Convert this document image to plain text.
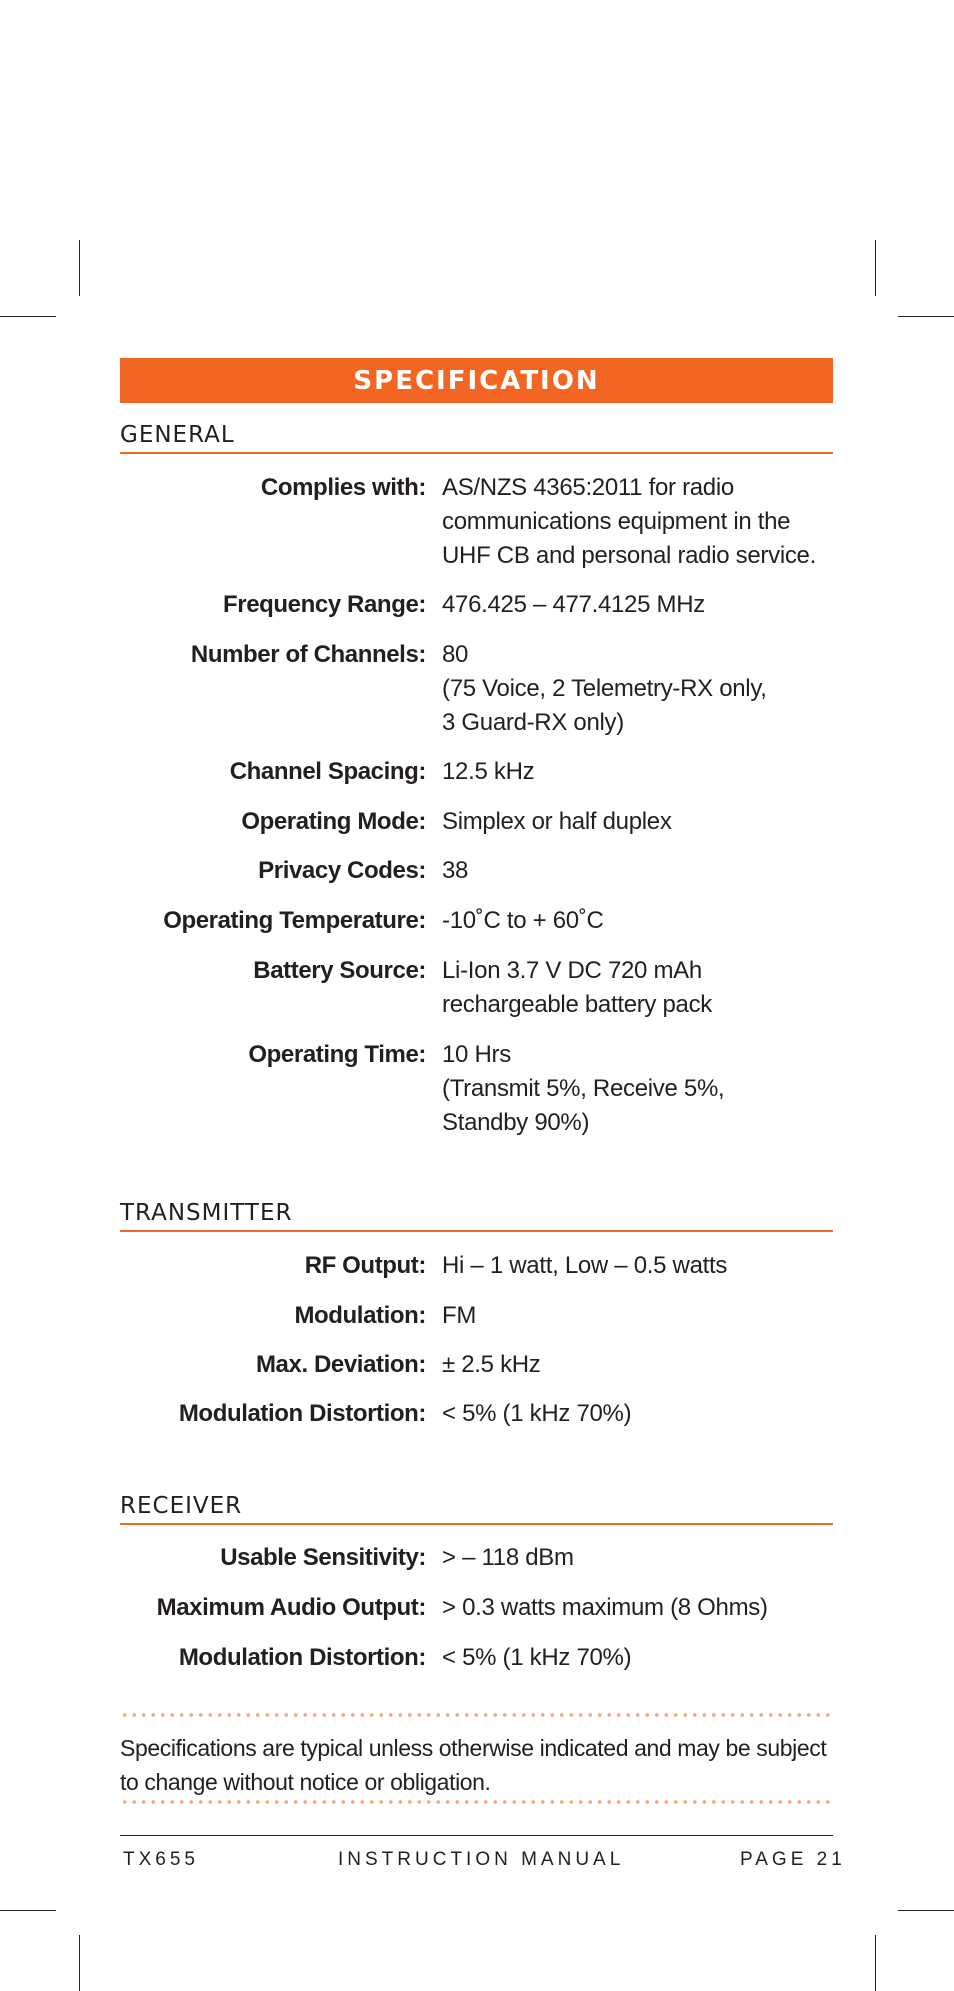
SPECIFICATION
GENERAL
Complies with: AS/NZS 4365:2011 for radio
communications equipment in the
UHF CB and personal radio service.
Frequency Range: 476.425 – 477.4125 MHz
Number of Channels: 80
(75 Voice, 2 Telemetry-RX only,
3 Guard-RX only)
Channel Spacing: 12.5 kHz
Operating Mode: Simplex or half duplex
Privacy Codes: 38
Operating Temperature: -10˚C to + 60˚C
Battery Source: Li-Ion 3.7 V DC 720 mAh
rechargeable battery pack
Operating Time: 10 Hrs
(Transmit 5%, Receive 5%,
Standby 90%)
TRANSMITTER
RF Output: Hi – 1 watt, Low – 0.5 watts
Modulation: FM
Max. Deviation: ± 2.5 kHz
Modulation Distortion: < 5% (1 kHz 70%)
RECEIVER
Usable Sensitivity: > – 118 dBm
Maximum Audio Output: > 0.3 watts maximum (8 Ohms)
Modulation Distortion: < 5% (1 kHz 70%)
Specifications are typical unless otherwise indicated and may be subject to change without notice or obligation.
TX655	INSTRUCTION MANUAL	PAGE 21
